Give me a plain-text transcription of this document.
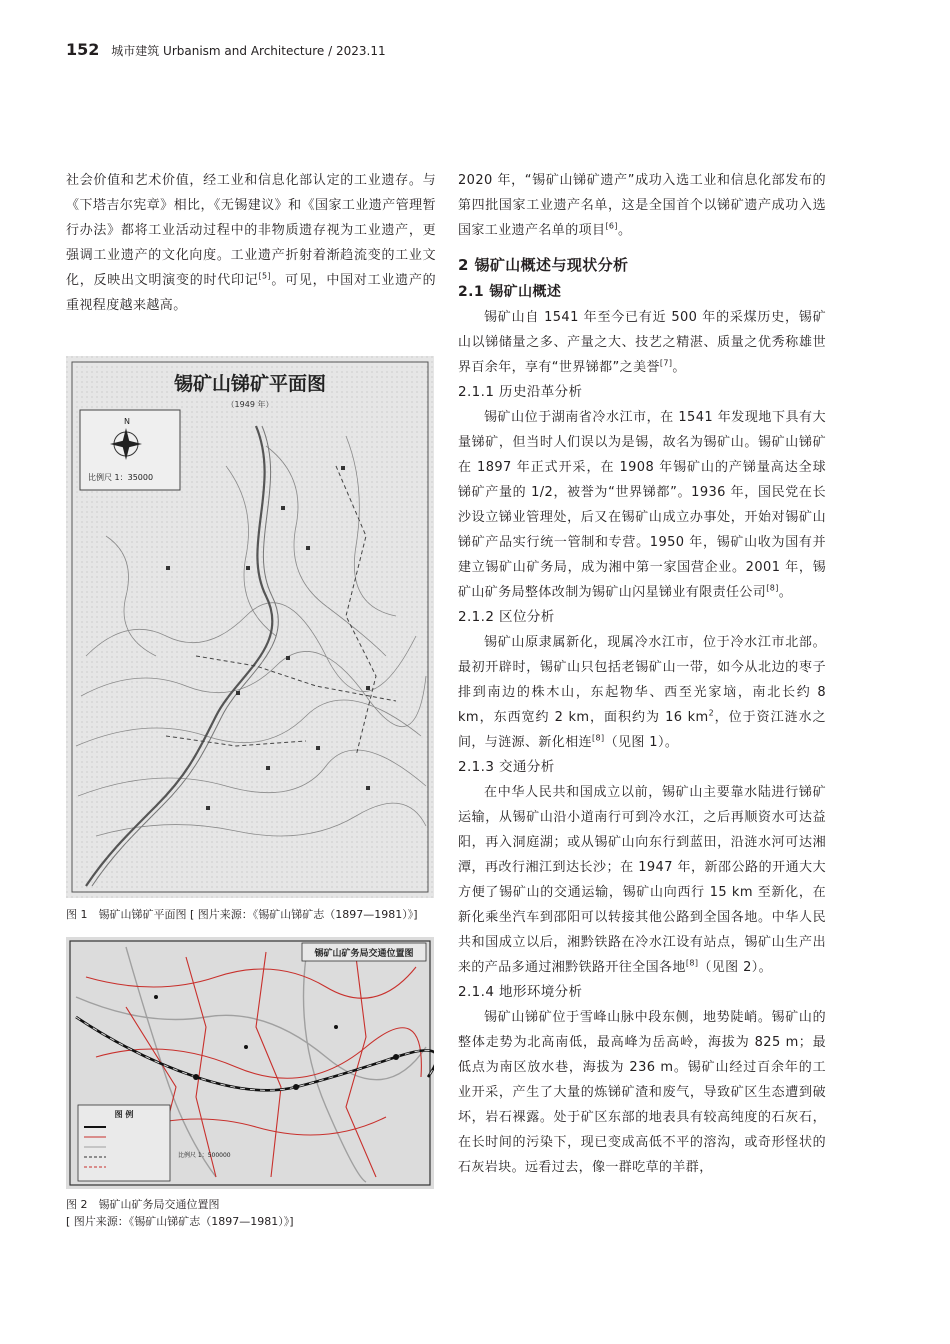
152 城市建筑 Urbanism and Architecture / 2023.11

社会价值和艺术价值，经工业和信息化部认定的工业遗存。与《下塔吉尔宪章》相比，《无锡建议》和《国家工业遗产管理暂行办法》都将工业活动过程中的非物质遗存视为工业遗产，更强调工业遗产的文化向度。工业遗产折射着渐趋流变的工业文化，反映出文明演变的时代印记[5]。可见，中国对工业遗产的重视程度越来越高。

锡矿山锑矿平面图
（1949 年）
N
比例尺 1：35000
图 1　锡矿山锑矿平面图 [ 图片来源：《锡矿山锑矿志（1897—1981）》]
锡矿山矿务局交通位置图
图 例
比例尺 1：500000
图 2　锡矿山矿务局交通位置图
[ 图片来源：《锡矿山锑矿志（1897—1981）》]

2020 年，“锡矿山锑矿遗产”成功入选工业和信息化部发布的第四批国家工业遗产名单，这是全国首个以锑矿遗产成功入选国家工业遗产名单的项目[6]。

2 锡矿山概述与现状分析

2.1 锡矿山概述

锡矿山自 1541 年至今已有近 500 年的采煤历史，锡矿山以锑储量之多、产量之大、技艺之精湛、质量之优秀称雄世界百余年，享有“世界锑都”之美誉[7]。

2.1.1 历史沿革分析

锡矿山位于湖南省冷水江市，在 1541 年发现地下具有大量锑矿，但当时人们误以为是锡，故名为锡矿山。锡矿山锑矿在 1897 年正式开采，在 1908 年锡矿山的产锑量高达全球锑矿产量的 1/2，被誉为“世界锑都”。1936 年，国民党在长沙设立锑业管理处，后又在锡矿山成立办事处，开始对锡矿山锑矿产品实行统一管制和专营。1950 年，锡矿山收为国有并建立锡矿山矿务局，成为湘中第一家国营企业。2001 年，锡矿山矿务局整体改制为锡矿山闪星锑业有限责任公司[8]。

2.1.2 区位分析

锡矿山原隶属新化，现属冷水江市，位于冷水江市北部。最初开辟时，锡矿山只包括老锡矿山一带，如今从北边的枣子排到南边的株木山，东起物华、西至光家垴，南北长约 8 km，东西宽约 2 km，面积约为 16 $km^2$，位于资江涟水之间，与涟源、新化相连[8]（见图 1）。

2.1.3 交通分析

在中华人民共和国成立以前，锡矿山主要靠水陆进行锑矿运输，从锡矿山沿小道南行可到冷水江，之后再顺资水可达益阳，再入洞庭湖；或从锡矿山向东行到蓝田，沿涟水河可达湘潭，再改行湘江到达长沙；在 1947 年，新邵公路的开通大大方便了锡矿山的交通运输，锡矿山向西行 15 km 至新化，在新化乘坐汽车到邵阳可以转接其他公路到全国各地。中华人民共和国成立以后，湘黔铁路在冷水江设有站点，锡矿山生产出来的产品多通过湘黔铁路开往全国各地[8]（见图 2）。

2.1.4 地形环境分析

锡矿山锑矿位于雪峰山脉中段东侧，地势陡峭。锡矿山的整体走势为北高南低，最高峰为岳高岭，海拔为 825 m；最低点为南区放水巷，海拔为 236 m。锡矿山经过百余年的工业开采，产生了大量的炼锑矿渣和废气，导致矿区生态遭到破坏，岩石裸露。处于矿区东部的地表具有较高纯度的石灰石，在长时间的污染下，现已变成高低不平的溶沟，或奇形怪状的石灰岩块。远看过去，像一群吃草的羊群，
